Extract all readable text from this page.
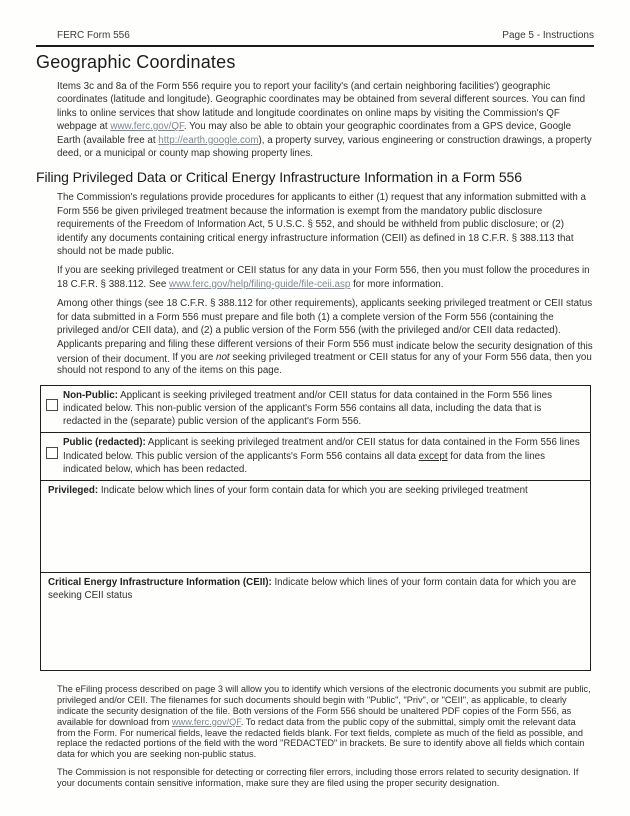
FERC Form 556	Page 5 - Instructions
Geographic Coordinates

Items 3c and 8a of the Form 556 require you to report your facility's (and certain neighboring facilities') geographic coordinates (latitude and longitude). Geographic coordinates may be obtained from several different sources. You can find links to online services that show latitude and longitude coordinates on online maps by visiting the Commission's QF webpage at www.ferc.gov/QF. You may also be able to obtain your geographic coordinates from a GPS device, Google Earth (available free at http://earth.google.com), a property survey, various engineering or construction drawings, a property deed, or a municipal or county map showing property lines.

Filing Privileged Data or Critical Energy Infrastructure Information in a Form 556

The Commission's regulations provide procedures for applicants to either (1) request that any information submitted with a Form 556 be given privileged treatment because the information is exempt from the mandatory public disclosure requirements of the Freedom of Information Act, 5 U.S.C. § 552, and should be withheld from public disclosure; or (2) identify any documents containing critical energy infrastructure information (CEII) as defined in 18 C.F.R. § 388.113 that should not be made public.

If you are seeking privileged treatment or CEII status for any data in your Form 556, then you must follow the procedures in 18 C.F.R. § 388.112. See www.ferc.gov/help/filing-guide/file-ceii.asp for more information.

Among other things (see 18 C.F.R. § 388.112 for other requirements), applicants seeking privileged treatment or CEII status for data submitted in a Form 556 must prepare and file both (1) a complete version of the Form 556 (containing the privileged and/or CEII data), and (2) a public version of the Form 556 (with the privileged and/or CEII data redacted). Applicants preparing and filing these different versions of their Form 556 must indicate below the security designation of this version of their document. If you are not seeking privileged treatment or CEII status for any of your Form 556 data, then you should not respond to any of the items on this page.

Non-Public: Applicant is seeking privileged treatment and/or CEII status for data contained in the Form 556 lines indicated below. This non-public version of the applicant's Form 556 contains all data, including the data that is redacted in the (separate) public version of the applicant's Form 556.
Public (redacted): Applicant is seeking privileged treatment and/or CEII status for data contained in the Form 556 lines Indicated below. This public version of the applicants's Form 556 contains all data except for data from the lines indicated below, which has been redacted.
Privileged: Indicate below which lines of your form contain data for which you are seeking privileged treatment
Critical Energy Infrastructure Information (CEII): Indicate below which lines of your form contain data for which you are seeking CEII status

The eFiling process described on page 3 will allow you to identify which versions of the electronic documents you submit are public, privileged and/or CEII. The filenames for such documents should begin with "Public", "Priv", or "CEII", as applicable, to clearly indicate the security designation of the file. Both versions of the Form 556 should be unaltered PDF copies of the Form 556, as available for download from www.ferc.gov/QF. To redact data from the public copy of the submittal, simply omit the relevant data from the Form. For numerical fields, leave the redacted fields blank. For text fields, complete as much of the field as possible, and replace the redacted portions of the field with the word "REDACTED" in brackets. Be sure to identify above all fields which contain data for which you are seeking non-public status.

The Commission is not responsible for detecting or correcting filer errors, including those errors related to security designation. If your documents contain sensitive information, make sure they are filed using the proper security designation.
